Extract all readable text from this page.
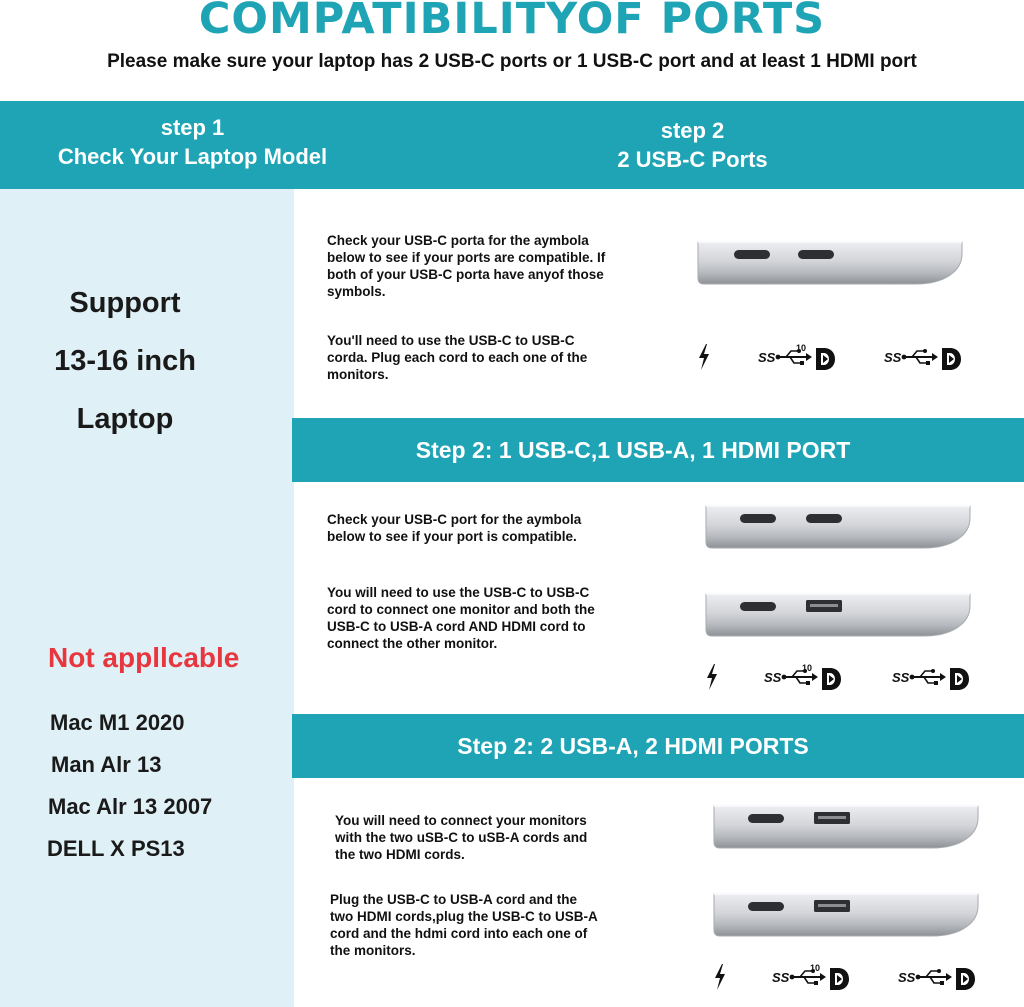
COMPATIBILITYOF PORTS
Please make sure your laptop has 2 USB-C ports or 1 USB-C port and at least 1 HDMI port
step 1
Check Your Laptop Model
step 2
2 USB-C Ports
Support
13-16 inch
Laptop
Not appllcable
Mac M1 2020
Man Alr 13
Mac Alr 13 2007
DELL X PS13
Check your USB-C porta for the aymbola
below to see if your ports are compatible. If
both of your USB-C porta have anyof those
symbols.
You'll need to use the USB-C to USB-C
corda. Plug each cord to each one of the
monitors.
10
Step 2: 1 USB-C,1 USB-A, 1 HDMI PORT
Check your USB-C port for the aymbola
below to see if your port is compatible.
You will need to use the USB-C to USB-C
cord to connect one monitor and both the
USB-C to USB-A cord AND HDMI cord to
connect the other monitor.
10
Step 2: 2 USB-A, 2 HDMI PORTS
You will need to connect your monitors
with the two uSB-C to uSB-A cords and
the two HDMI cords.
Plug the USB-C to USB-A cord and the
two HDMI cords,plug the USB-C to USB-A
cord and the hdmi cord into each one of
the monitors.
10
